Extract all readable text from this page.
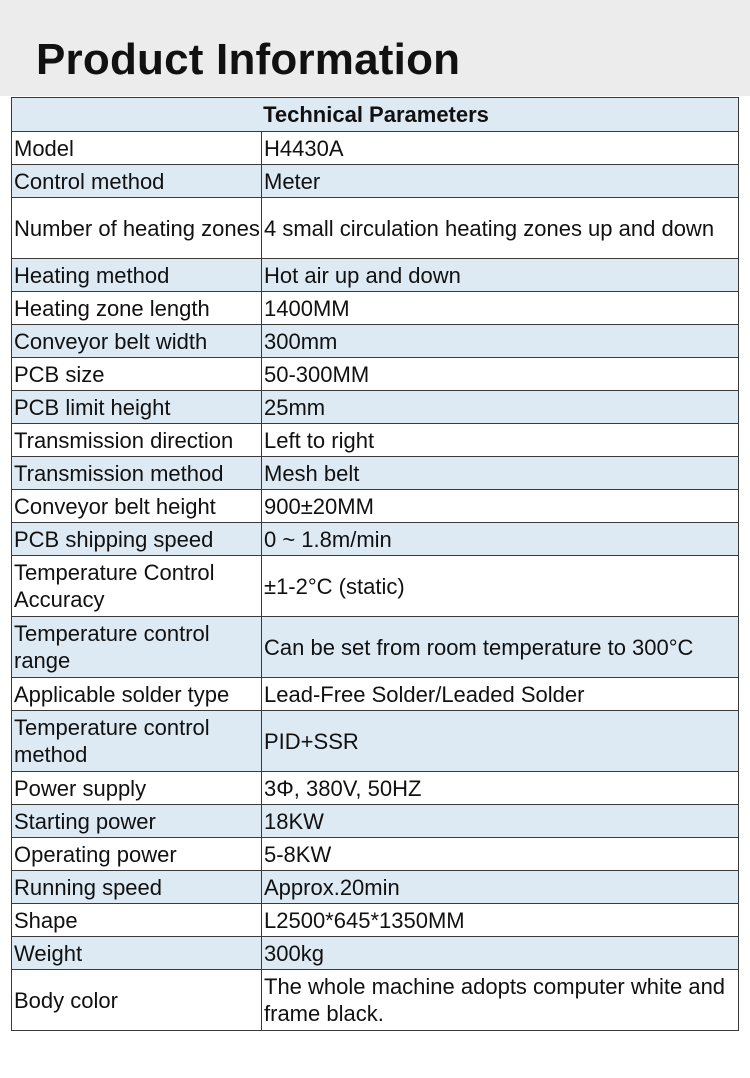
Product Information
Technical Parameters	
Model	H4430A
Control method	Meter
Number of heating zones	4 small circulation heating zones up and down
Heating method	Hot air up and down
Heating zone length	1400MM
Conveyor belt width	300mm
PCB size	50-300MM
PCB limit height	25mm
Transmission direction	Left to right
Transmission method	Mesh belt
Conveyor belt height	900±20MM
PCB shipping speed	0 ~ 1.8m/min
Temperature Control Accuracy	±1-2°C (static)
Temperature control range	Can be set from room temperature to 300°C
Applicable solder type	Lead-Free Solder/Leaded Solder
Temperature control method	PID+SSR
Power supply	3Φ, 380V, 50HZ
Starting power	18KW
Operating power	5-8KW
Running speed	Approx.20min
Shape	L2500*645*1350MM
Weight	300kg
Body color	The whole machine adopts computer white and frame black.
